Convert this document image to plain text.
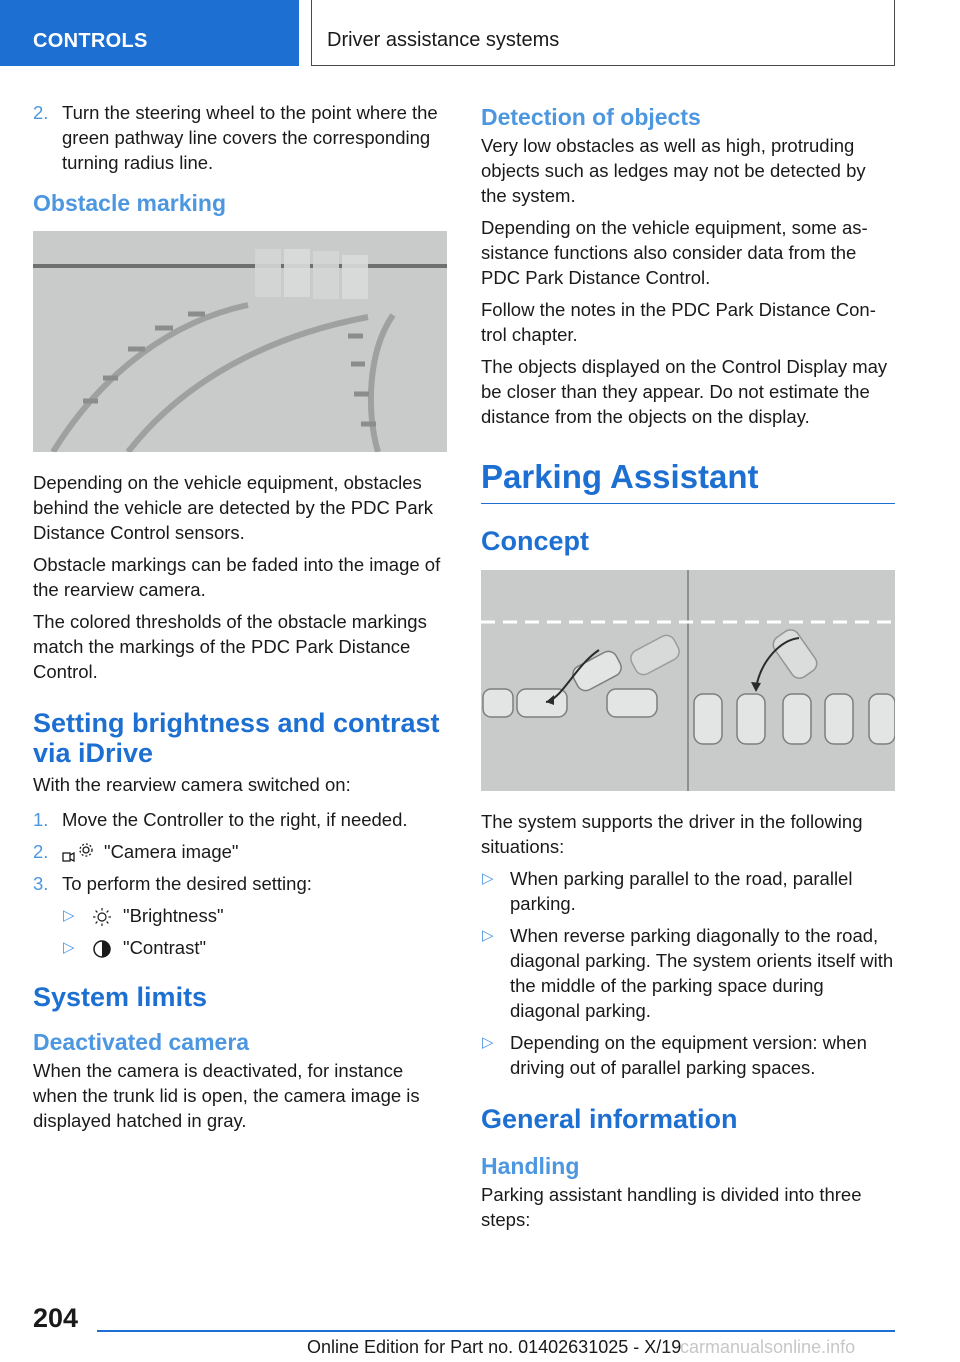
CONTROLS	Driver assistance systems
2. Turn the steering wheel to the point where the green pathway line covers the corresponding turning radius line.
Obstacle marking

Depending on the vehicle equipment, obstacles behind the vehicle are detected by the PDC Park Distance Control sensors.

Obstacle markings can be faded into the image of the rearview camera.

The colored thresholds of the obstacle markings match the markings of the PDC Park Distance Control.

Setting brightness and contrast via iDrive

With the rearview camera switched on:

1. Move the Controller to the right, if needed.
2.	"Camera image"
3. To perform the desired setting:
▷	"Brightness"
▷	"Contrast"
System limits
Deactivated camera

When the camera is deactivated, for instance when the trunk lid is open, the camera image is displayed hatched in gray.

Detection of objects

Very low obstacles as well as high, protruding objects such as ledges may not be detected by the system.

Depending on the vehicle equipment, some assistance functions also consider data from the PDC Park Distance Control.

Follow the notes in the PDC Park Distance Control chapter.

The objects displayed on the Control Display may be closer than they appear. Do not estimate the distance from the objects on the display.

Parking Assistant
Concept

The system supports the driver in the following situations:

▷ When parking parallel to the road, parallel parking.
▷ When reverse parking diagonally to the road, diagonal parking. The system orients itself with the middle of the parking space during diagonal parking.
▷ Depending on the equipment version: when driving out of parallel parking spaces.
General information
Handling

Parking assistant handling is divided into three steps:

204
Online Edition for Part no. 01402631025 - X/19
carmanualsonline.info
